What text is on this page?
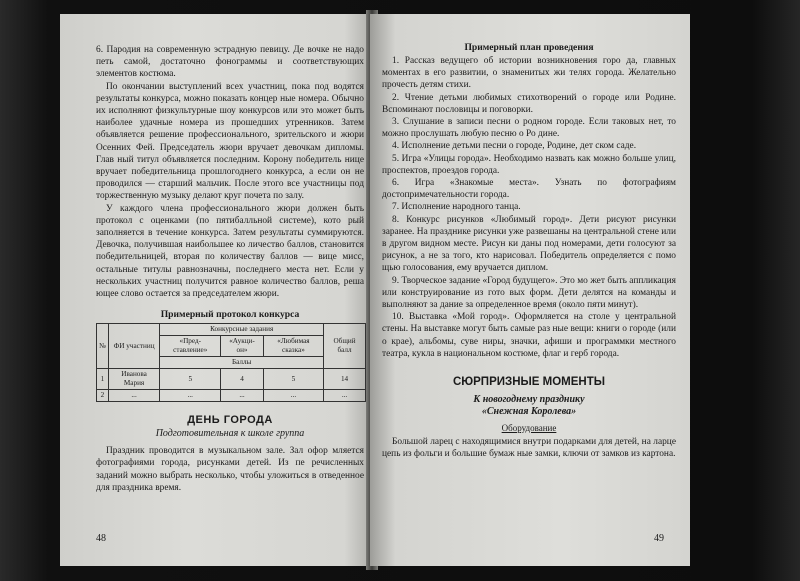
6. Пародия на современную эстрадную певицу. Де вочке не надо петь самой, достаточно фонограммы и соответствующих элементов костюма.

По окончании выступлений всех участниц, пока под водятся результаты конкурса, можно показать концер ные номера. Обычно их исполняют физкультурные шоу конкурсов или это может быть наиболее удачные номера из прошедших утренников. Затем объявляется решение профессионального, зрительского и жюри Осенних Фей. Председатель жюри вручает девочкам дипломы. Глав ный титул объявляется последним. Корону победитель нице вручает победительница прошлогоднего конкурса, а если он не проводился — старший мальчик. После этого все участницы под торжественную музыку делают круг почета по залу.

У каждого члена профессионального жюри должен быть протокол с оценками (по пятибалльной системе), кото рый заполняется в течение конкурса. Затем результаты суммируются. Девочка, получившая наибольшее ко личество баллов, становится победительницей, вторая по количеству баллов — вице мисс, остальные титулы равнозначны, последнего места нет. Если у нескольких участниц получится равное количество баллов, реша ющее слово остается за председателем жюри.

Примерный протокол конкурса
№	ФИ участниц	Конкурсные задания			Общий балл
		«Пред- ставление»	«Аукци- он»	«Любимая сказка»	
		Баллы			
1	Иванова Мария	5	4	5	14
2	...	...	...	...	...
ДЕНЬ ГОРОДА
Подготовительная к школе группа

Праздник проводится в музыкальном зале. Зал офор мляется фотографиями города, рисунками детей. Из пе речисленных заданий можно выбрать несколько, чтобы уложиться в отведенное для праздника время.

48
Примерный план проведения

1. Рассказ ведущего об истории возникновения горо да, главных моментах в его развитии, о знаменитых жи телях города. Желательно прочесть детям стихи.

2. Чтение детьми любимых стихотворений о городе или Родине. Вспоминают пословицы и поговорки.

3. Слушание в записи песни о родном городе. Если таковых нет, то можно прослушать любую песню о Ро дине.

4. Исполнение детьми песни о городе, Родине, дет ском саде.

5. Игра «Улицы города». Необходимо назвать как можно больше улиц, проспектов, проездов города.

6. Игра «Знакомые места». Узнать по фотографиям достопримечательности города.

7. Исполнение народного танца.

8. Конкурс рисунков «Любимый город». Дети рисуют рисунки заранее. На празднике рисунки уже развешаны на центральной стене или в другом видном месте. Рисун ки даны под номерами, дети голосуют за рисунок, а не за того, кто нарисовал. Победитель определяется с помо щью голосования, ему вручается диплом.

9. Творческое задание «Город будущего». Это мо жет быть аппликация или конструирование из гото вых форм. Дети делятся на команды и выполняют за дание за определенное время (около пяти минут).

10. Выставка «Мой город». Оформляется на столе у центральной стены. На выставке могут быть самые раз ные вещи: книги о городе (или о крае), альбомы, суве ниры, значки, афиши и программки местного театра, кукла в национальном костюме, флаг и герб города.

СЮРПРИЗНЫЕ МОМЕНТЫ
К новогоднему празднику
«Снежная Королева»
Оборудование

Большой ларец с находящимися внутри подарками для детей, на ларце цепь из фольги и большие бумаж ные замки, ключи от замков из картона.

49
